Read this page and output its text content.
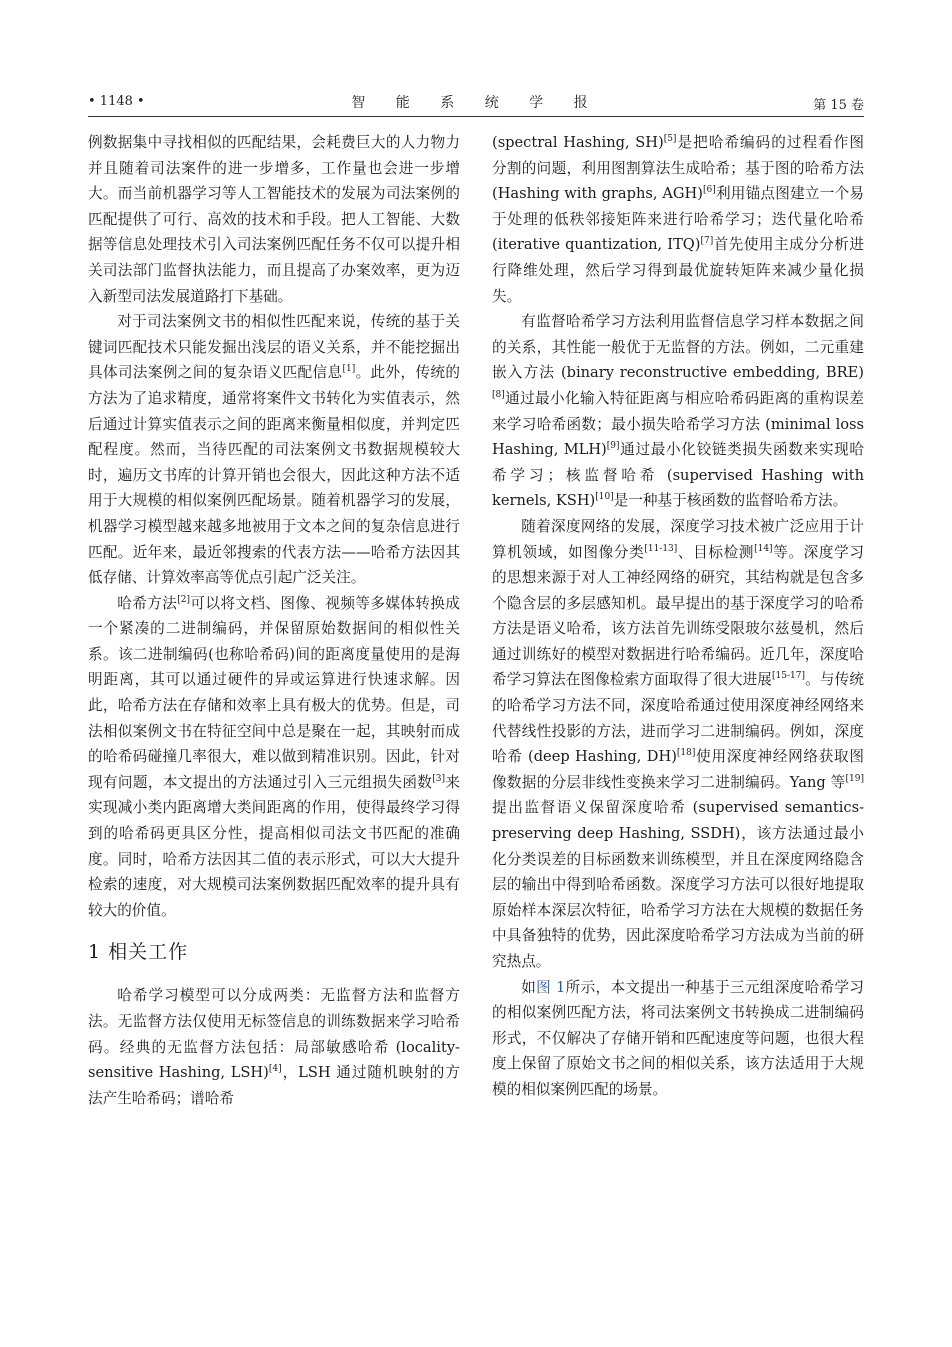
• 1148 •	智 能 系 统 学 报	第 15 卷

例数据集中寻找相似的匹配结果，会耗费巨大的人力物力并且随着司法案件的进一步增多，工作量也会进一步增大。而当前机器学习等人工智能技术的发展为司法案例的匹配提供了可行、高效的技术和手段。把人工智能、大数据等信息处理技术引入司法案例匹配任务不仅可以提升相关司法部门监督执法能力，而且提高了办案效率，更为迈入新型司法发展道路打下基础。

对于司法案例文书的相似性匹配来说，传统的基于关键词匹配技术只能发掘出浅层的语义关系，并不能挖掘出具体司法案例之间的复杂语义匹配信息[1]。此外，传统的方法为了追求精度，通常将案件文书转化为实值表示，然后通过计算实值表示之间的距离来衡量相似度，并判定匹配程度。然而，当待匹配的司法案例文书数据规模较大时，遍历文书库的计算开销也会很大，因此这种方法不适用于大规模的相似案例匹配场景。随着机器学习的发展，机器学习模型越来越多地被用于文本之间的复杂信息进行匹配。近年来，最近邻搜索的代表方法——哈希方法因其低存储、计算效率高等优点引起广泛关注。

哈希方法[2]可以将文档、图像、视频等多媒体转换成一个紧凑的二进制编码，并保留原始数据间的相似性关系。该二进制编码(也称哈希码)间的距离度量使用的是海明距离，其可以通过硬件的异或运算进行快速求解。因此，哈希方法在存储和效率上具有极大的优势。但是，司法相似案例文书在特征空间中总是聚在一起，其映射而成的哈希码碰撞几率很大，难以做到精准识别。因此，针对现有问题，本文提出的方法通过引入三元组损失函数[3]来实现减小类内距离增大类间距离的作用，使得最终学习得到的哈希码更具区分性，提高相似司法文书匹配的准确度。同时，哈希方法因其二值的表示形式，可以大大提升检索的速度，对大规模司法案例数据匹配效率的提升具有较大的价值。

1 相关工作

哈希学习模型可以分成两类：无监督方法和监督方法。无监督方法仅使用无标签信息的训练数据来学习哈希码。经典的无监督方法包括：局部敏感哈希 (locality-sensitive Hashing, LSH)[4]，LSH 通过随机映射的方法产生哈希码；谱哈希

(spectral Hashing, SH)[5]是把哈希编码的过程看作图分割的问题，利用图割算法生成哈希；基于图的哈希方法 (Hashing with graphs, AGH)[6]利用锚点图建立一个易于处理的低秩邻接矩阵来进行哈希学习；迭代量化哈希 (iterative quantization, ITQ)[7]首先使用主成分分析进行降维处理，然后学习得到最优旋转矩阵来减少量化损失。

有监督哈希学习方法利用监督信息学习样本数据之间的关系，其性能一般优于无监督的方法。例如，二元重建嵌入方法 (binary reconstructive embedding, BRE)[8]通过最小化输入特征距离与相应哈希码距离的重构误差来学习哈希函数；最小损失哈希学习方法 (minimal loss Hashing, MLH)[9]通过最小化铰链类损失函数来实现哈希学习；核监督哈希 (supervised Hashing with kernels, KSH)[10]是一种基于核函数的监督哈希方法。

随着深度网络的发展，深度学习技术被广泛应用于计算机领域，如图像分类[11-13]、目标检测[14]等。深度学习的思想来源于对人工神经网络的研究，其结构就是包含多个隐含层的多层感知机。最早提出的基于深度学习的哈希方法是语义哈希，该方法首先训练受限玻尔兹曼机，然后通过训练好的模型对数据进行哈希编码。近几年，深度哈希学习算法在图像检索方面取得了很大进展[15-17]。与传统的哈希学习方法不同，深度哈希通过使用深度神经网络来代替线性投影的方法，进而学习二进制编码。例如，深度哈希 (deep Hashing, DH)[18]使用深度神经网络获取图像数据的分层非线性变换来学习二进制编码。Yang 等[19]提出监督语义保留深度哈希 (supervised semantics-preserving deep Hashing, SSDH)，该方法通过最小化分类误差的目标函数来训练模型，并且在深度网络隐含层的输出中得到哈希函数。深度学习方法可以很好地提取原始样本深层次特征，哈希学习方法在大规模的数据任务中具备独特的优势，因此深度哈希学习方法成为当前的研究热点。

如图 1所示，本文提出一种基于三元组深度哈希学习的相似案例匹配方法，将司法案例文书转换成二进制编码形式，不仅解决了存储开销和匹配速度等问题，也很大程度上保留了原始文书之间的相似关系，该方法适用于大规模的相似案例匹配的场景。
